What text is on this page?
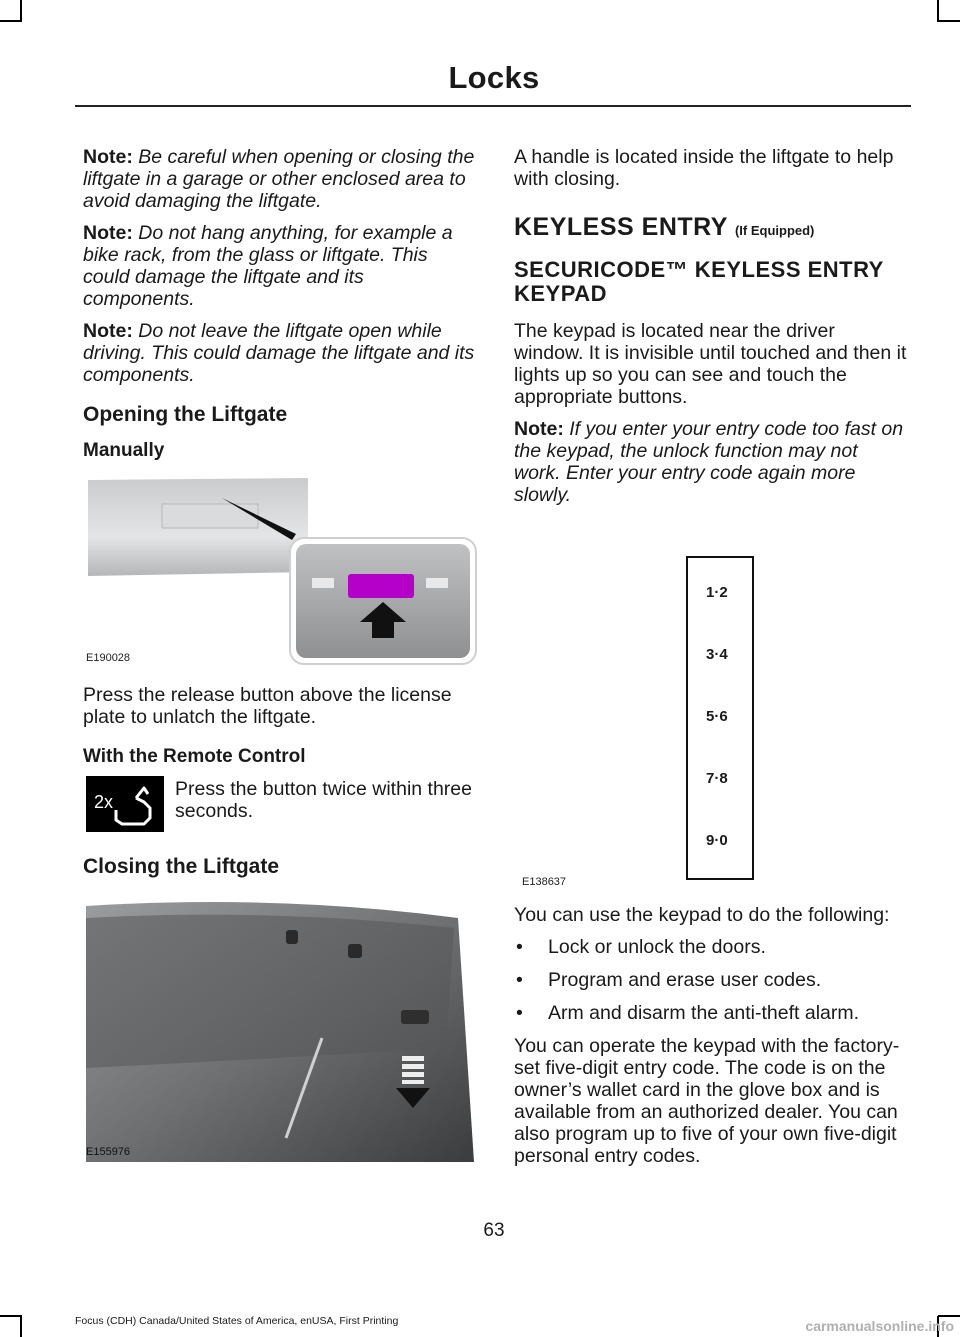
Locks

Note: Be careful when opening or closing the liftgate in a garage or other enclosed area to avoid damaging the liftgate.

Note: Do not hang anything, for example a bike rack, from the glass or liftgate. This could damage the liftgate and its components.

Note: Do not leave the liftgate open while driving. This could damage the liftgate and its components.

Opening the Liftgate
Manually
E190028

Press the release button above the license plate to unlatch the liftgate.

With the Remote Control
2x

Press the button twice within three seconds.

Closing the Liftgate
E155976

A handle is located inside the liftgate to help with closing.

KEYLESS ENTRY (If Equipped)
SECURICODE™ KEYLESS ENTRY KEYPAD

The keypad is located near the driver window. It is invisible until touched and then it lights up so you can see and touch the appropriate buttons.

Note: If you enter your entry code too fast on the keypad, the unlock function may not work. Enter your entry code again more slowly.

1·2
3·4
5·6
7·8
9·0
E138637

You can use the keypad to do the following:

• Lock or unlock the doors.
• Program and erase user codes.
• Arm and disarm the anti-theft alarm.

You can operate the keypad with the factory-set five-digit entry code. The code is on the owner’s wallet card in the glove box and is available from an authorized dealer. You can also program up to five of your own five-digit personal entry codes.

63
Focus (CDH) Canada/United States of America, enUSA, First Printing	carmanualsonline.info
